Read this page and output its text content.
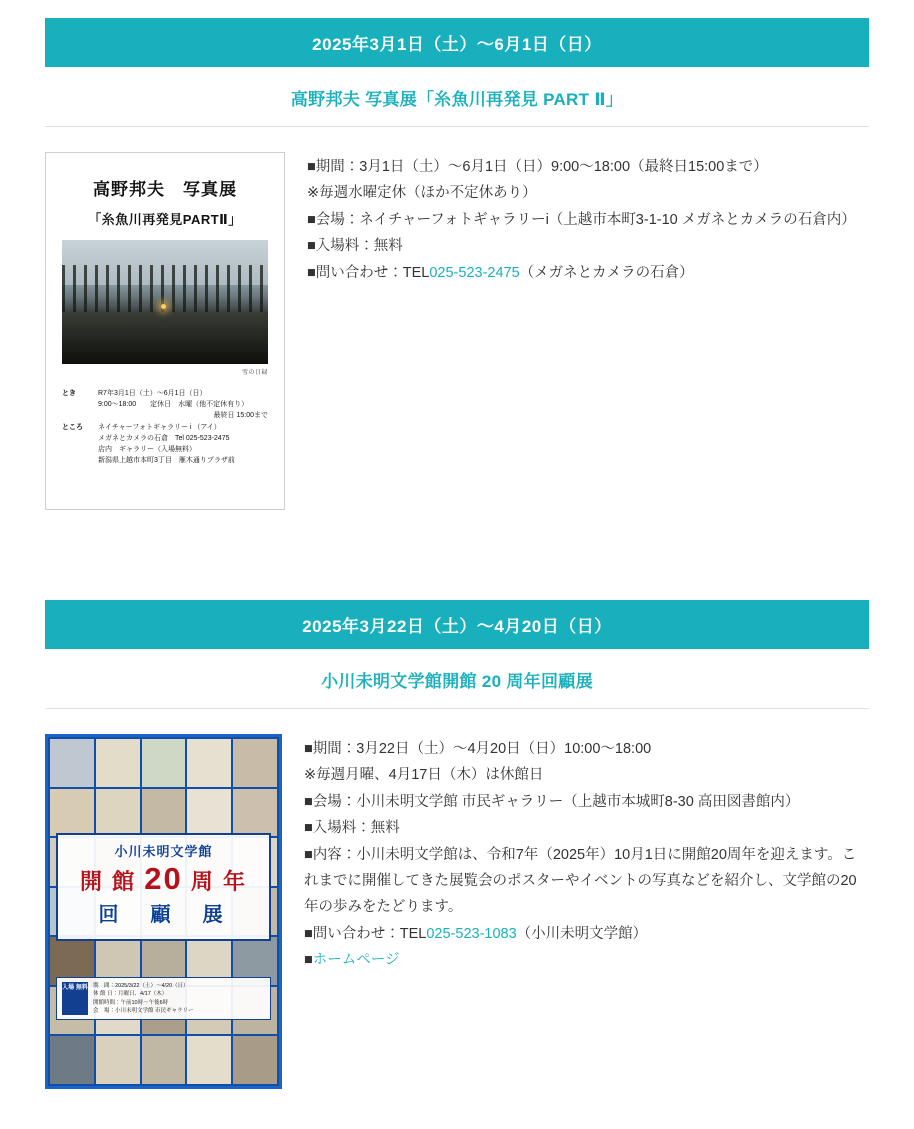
2025年3月1日（土）〜6月1日（日）
高野邦夫 写真展「糸魚川再発見 PART Ⅱ」
高野邦夫　写真展
「糸魚川再発見PARTⅡ」
雪の日緑
とき	R7年3月1日（土）〜6月1日（日）
9:00〜18:00　　定休日　水曜（他不定休有り）
最終日 15:00まで
ところ	ネイチャーフォトギャラリー i （アイ）
メガネとカメラの石倉　Tel 025-523-2475
店内　ギャラリー（入場無料）
新潟県上越市本町3丁目　雁木通りプラザ前

■期間：3月1日（土）〜6月1日（日）9:00〜18:00（最終日15:00まで）

※毎週水曜定休（ほか不定休あり）

■会場：ネイチャーフォトギャラリーi（上越市本町3-1-10 メガネとカメラの石倉内）

■入場料：無料

■問い合わせ：TEL025-523-2475（メガネとカメラの石倉）

2025年3月22日（土）〜4月20日（日）
小川未明文学館開館 20 周年回顧展
小川未明文学館
開 館 20 周 年
回　顧　展
入場 無料 期　間：2025/3/22（土）〜4/20（日）
休 館 日：月曜日、4/17（木）
開館時間：午前10時〜午後6時
会　場：小川未明文学館 市民ギャラリー

■期間：3月22日（土）〜4月20日（日）10:00〜18:00

※毎週月曜、4月17日（木）は休館日

■会場：小川未明文学館 市民ギャラリー（上越市本城町8-30 高田図書館内）

■入場料：無料

■内容：小川未明文学館は、令和7年（2025年）10月1日に開館20周年を迎えます。これまでに開催してきた展覧会のポスターやイベントの写真などを紹介し、文学館の20年の歩みをたどります。

■問い合わせ：TEL025-523-1083（小川未明文学館）

■ホームページ
